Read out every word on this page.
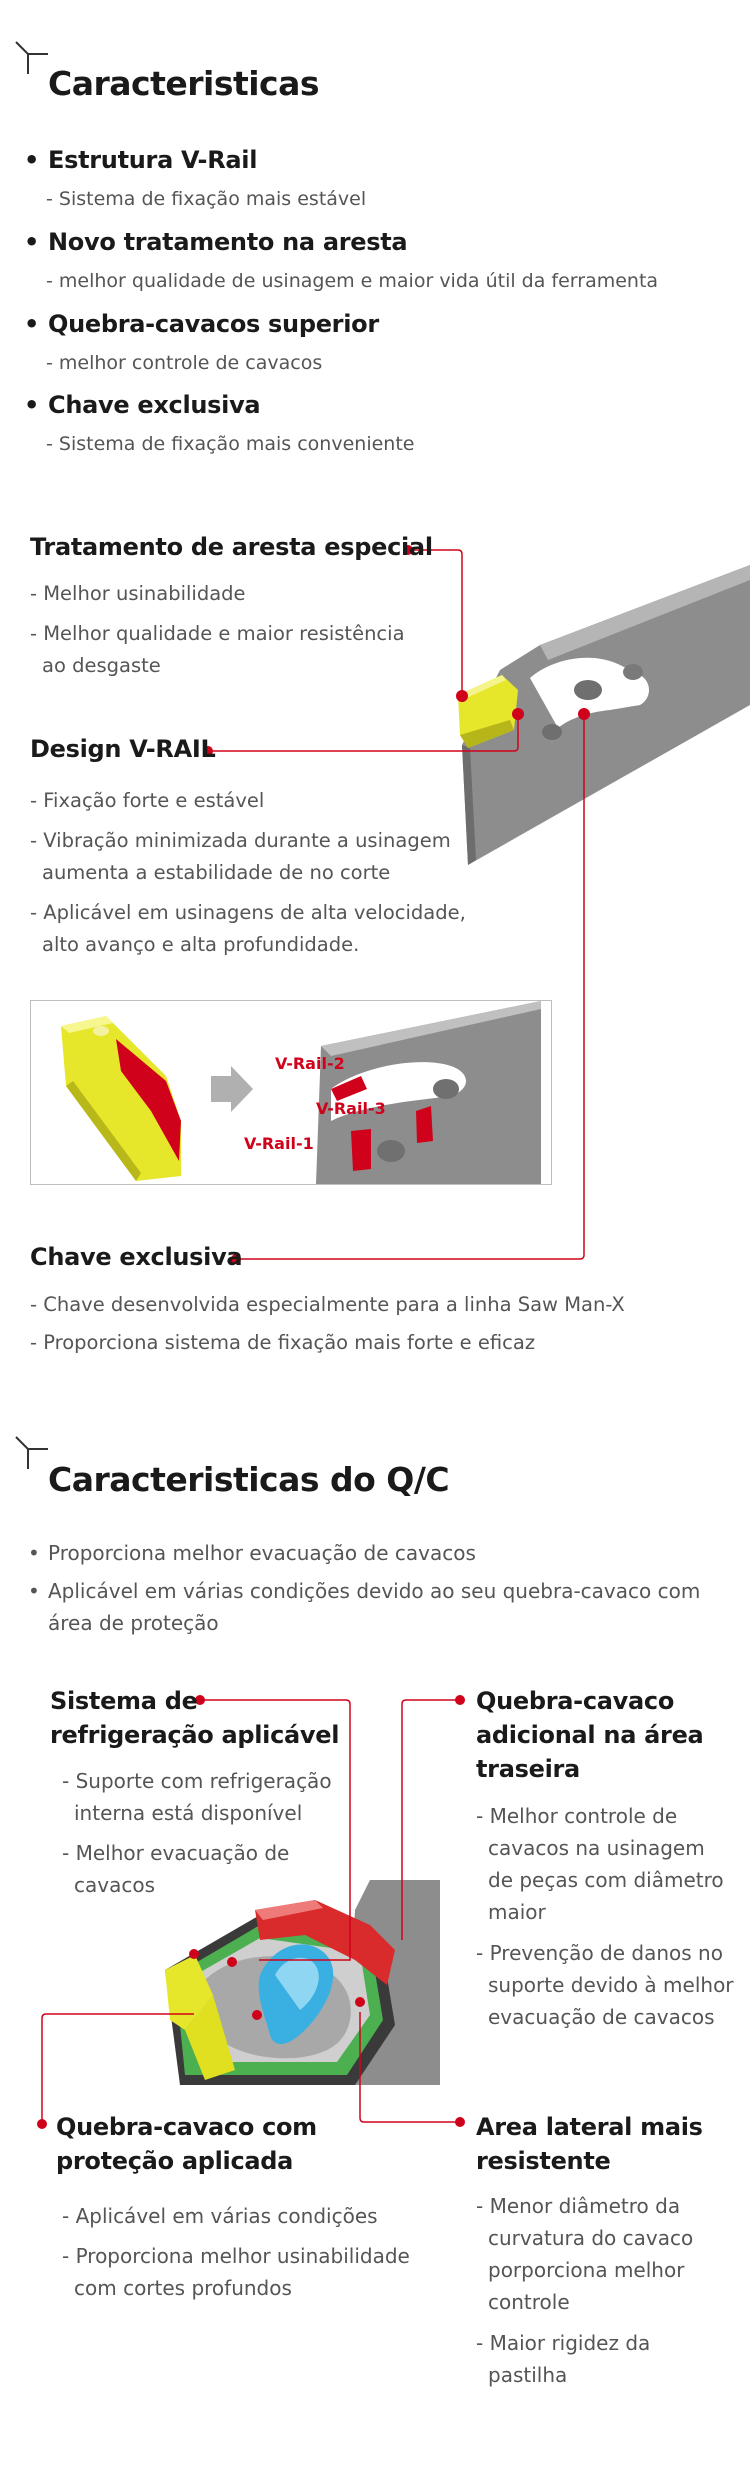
Caracteristicas
• Estrutura V-Rail
- Sistema de fixação mais estável
• Novo tratamento na aresta
- melhor qualidade de usinagem e maior vida útil da ferramenta
• Quebra-cavacos superior
- melhor controle de cavacos
• Chave exclusiva
- Sistema de fixação mais conveniente
Tratamento de aresta especial
- Melhor usinabilidade
- Melhor qualidade e maior resistência
ao desgaste
Design V-RAIL
- Fixação forte e estável
- Vibração minimizada durante a usinagem
aumenta a estabilidade de no corte
- Aplicável em usinagens de alta velocidade,
alto avanço e alta profundidade.
V-Rail-2
V-Rail-3
V-Rail-1
Chave exclusiva
- Chave desenvolvida especialmente para a linha Saw Man-X
- Proporciona sistema de fixação mais forte e eficaz
Caracteristicas do Q/C
Proporciona melhor evacuação de cavacos
Aplicável em várias condições devido ao seu quebra-cavaco com
área de proteção
•
•
Sistema de
refrigeração aplicável
- Suporte com refrigeração
interna está disponível
- Melhor evacuação de
cavacos
Quebra-cavaco
adicional na área
traseira
- Melhor controle de
cavacos na usinagem
de peças com diâmetro
maior
- Prevenção de danos no
suporte devido à melhor
evacuação de cavacos
Quebra-cavaco com
proteção aplicada
- Aplicável em várias condições
- Proporciona melhor usinabilidade
com cortes profundos
Area lateral mais
resistente
- Menor diâmetro da
curvatura do cavaco
porporciona melhor
controle
- Maior rigidez da
pastilha
